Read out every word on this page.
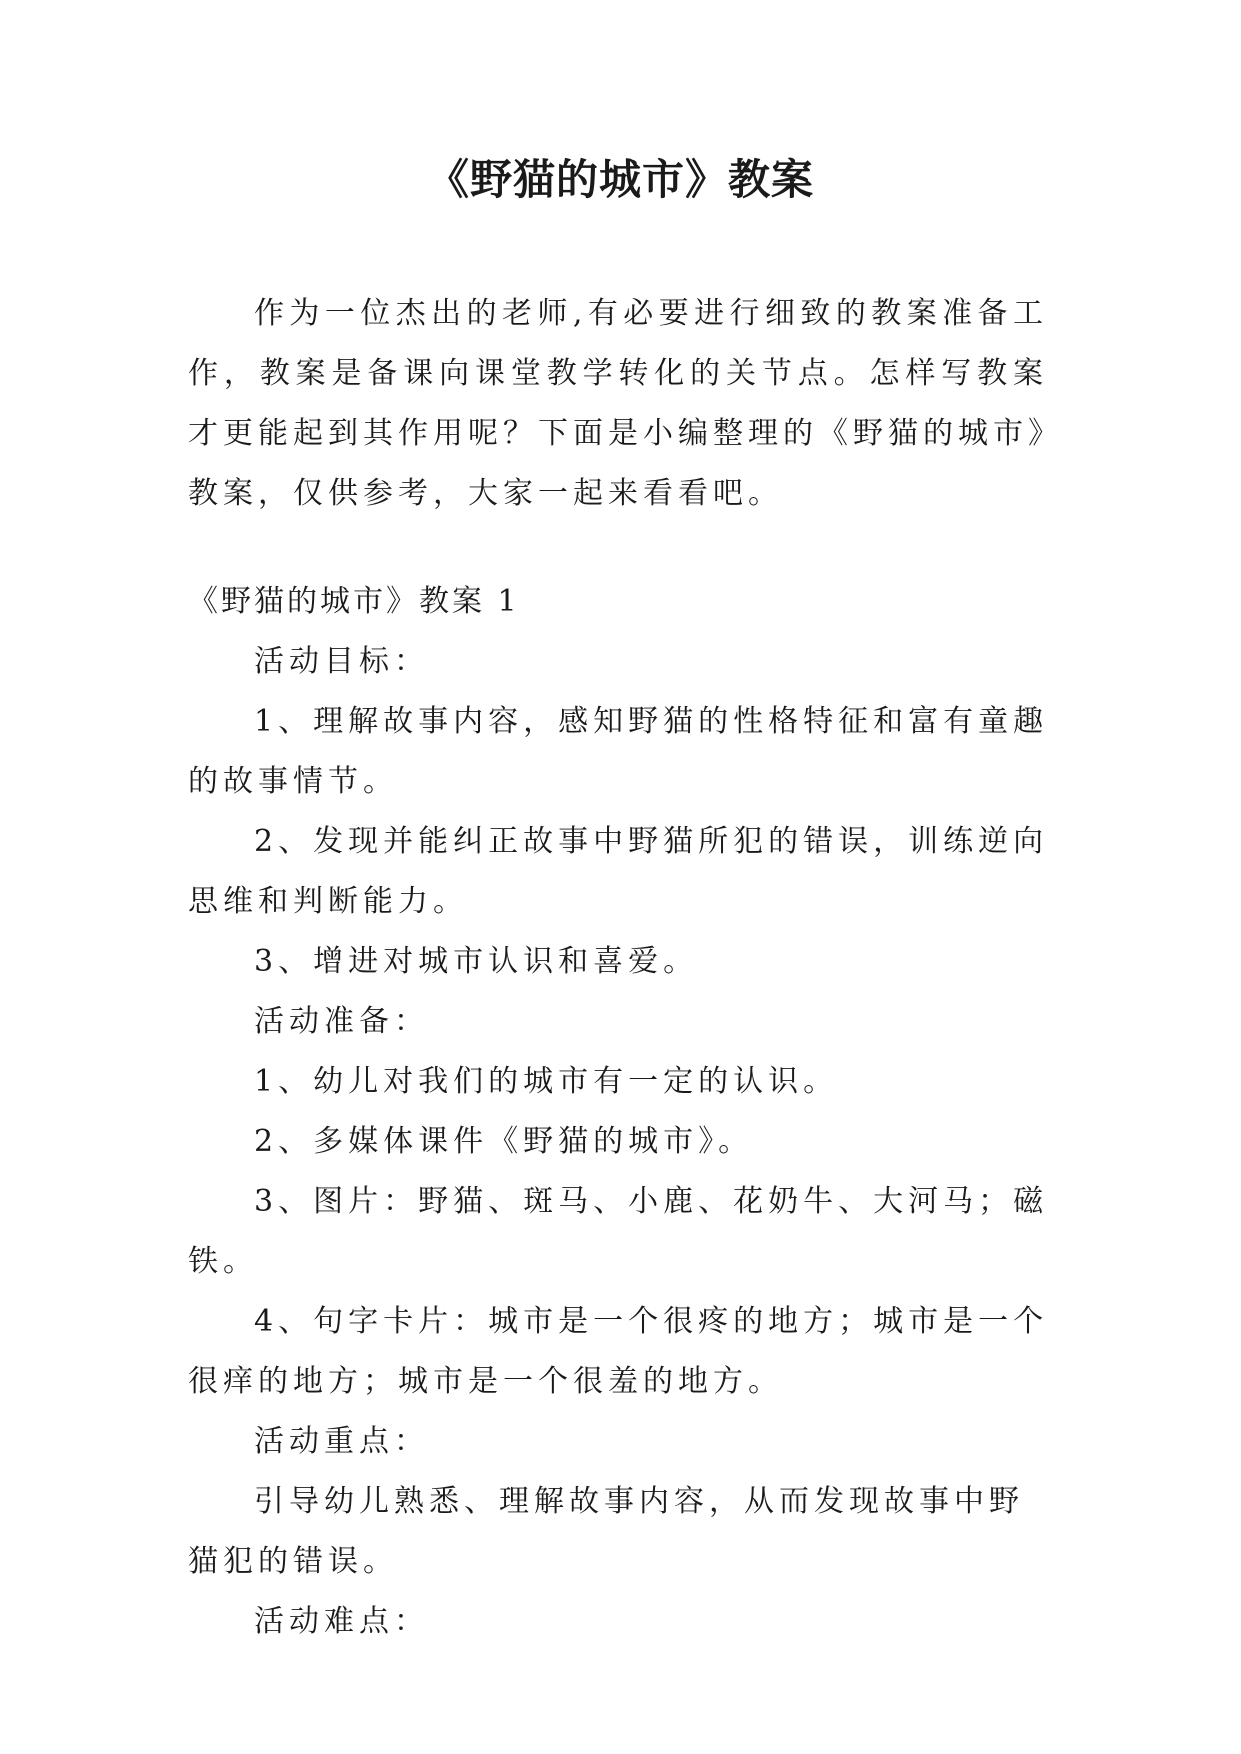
《野猫的城市》教案

作为一位杰出的老师,有必要进行细致的教案准备工作，教案是备课向课堂教学转化的关节点。怎样写教案才更能起到其作用呢？下面是小编整理的《野猫的城市》教案，仅供参考，大家一起来看看吧。

《野猫的城市》教案 1

活动目标：

1、理解故事内容，感知野猫的性格特征和富有童趣的故事情节。

2、发现并能纠正故事中野猫所犯的错误，训练逆向思维和判断能力。

3、增进对城市认识和喜爱。

活动准备：

1、幼儿对我们的城市有一定的认识。

2、多媒体课件《野猫的城市》。

3、图片：野猫、斑马、小鹿、花奶牛、大河马；磁铁。

4、句字卡片：城市是一个很疼的地方；城市是一个很痒的地方；城市是一个很羞的地方。

活动重点：

引导幼儿熟悉、理解故事内容，从而发现故事中野猫犯的错误。

活动难点：
